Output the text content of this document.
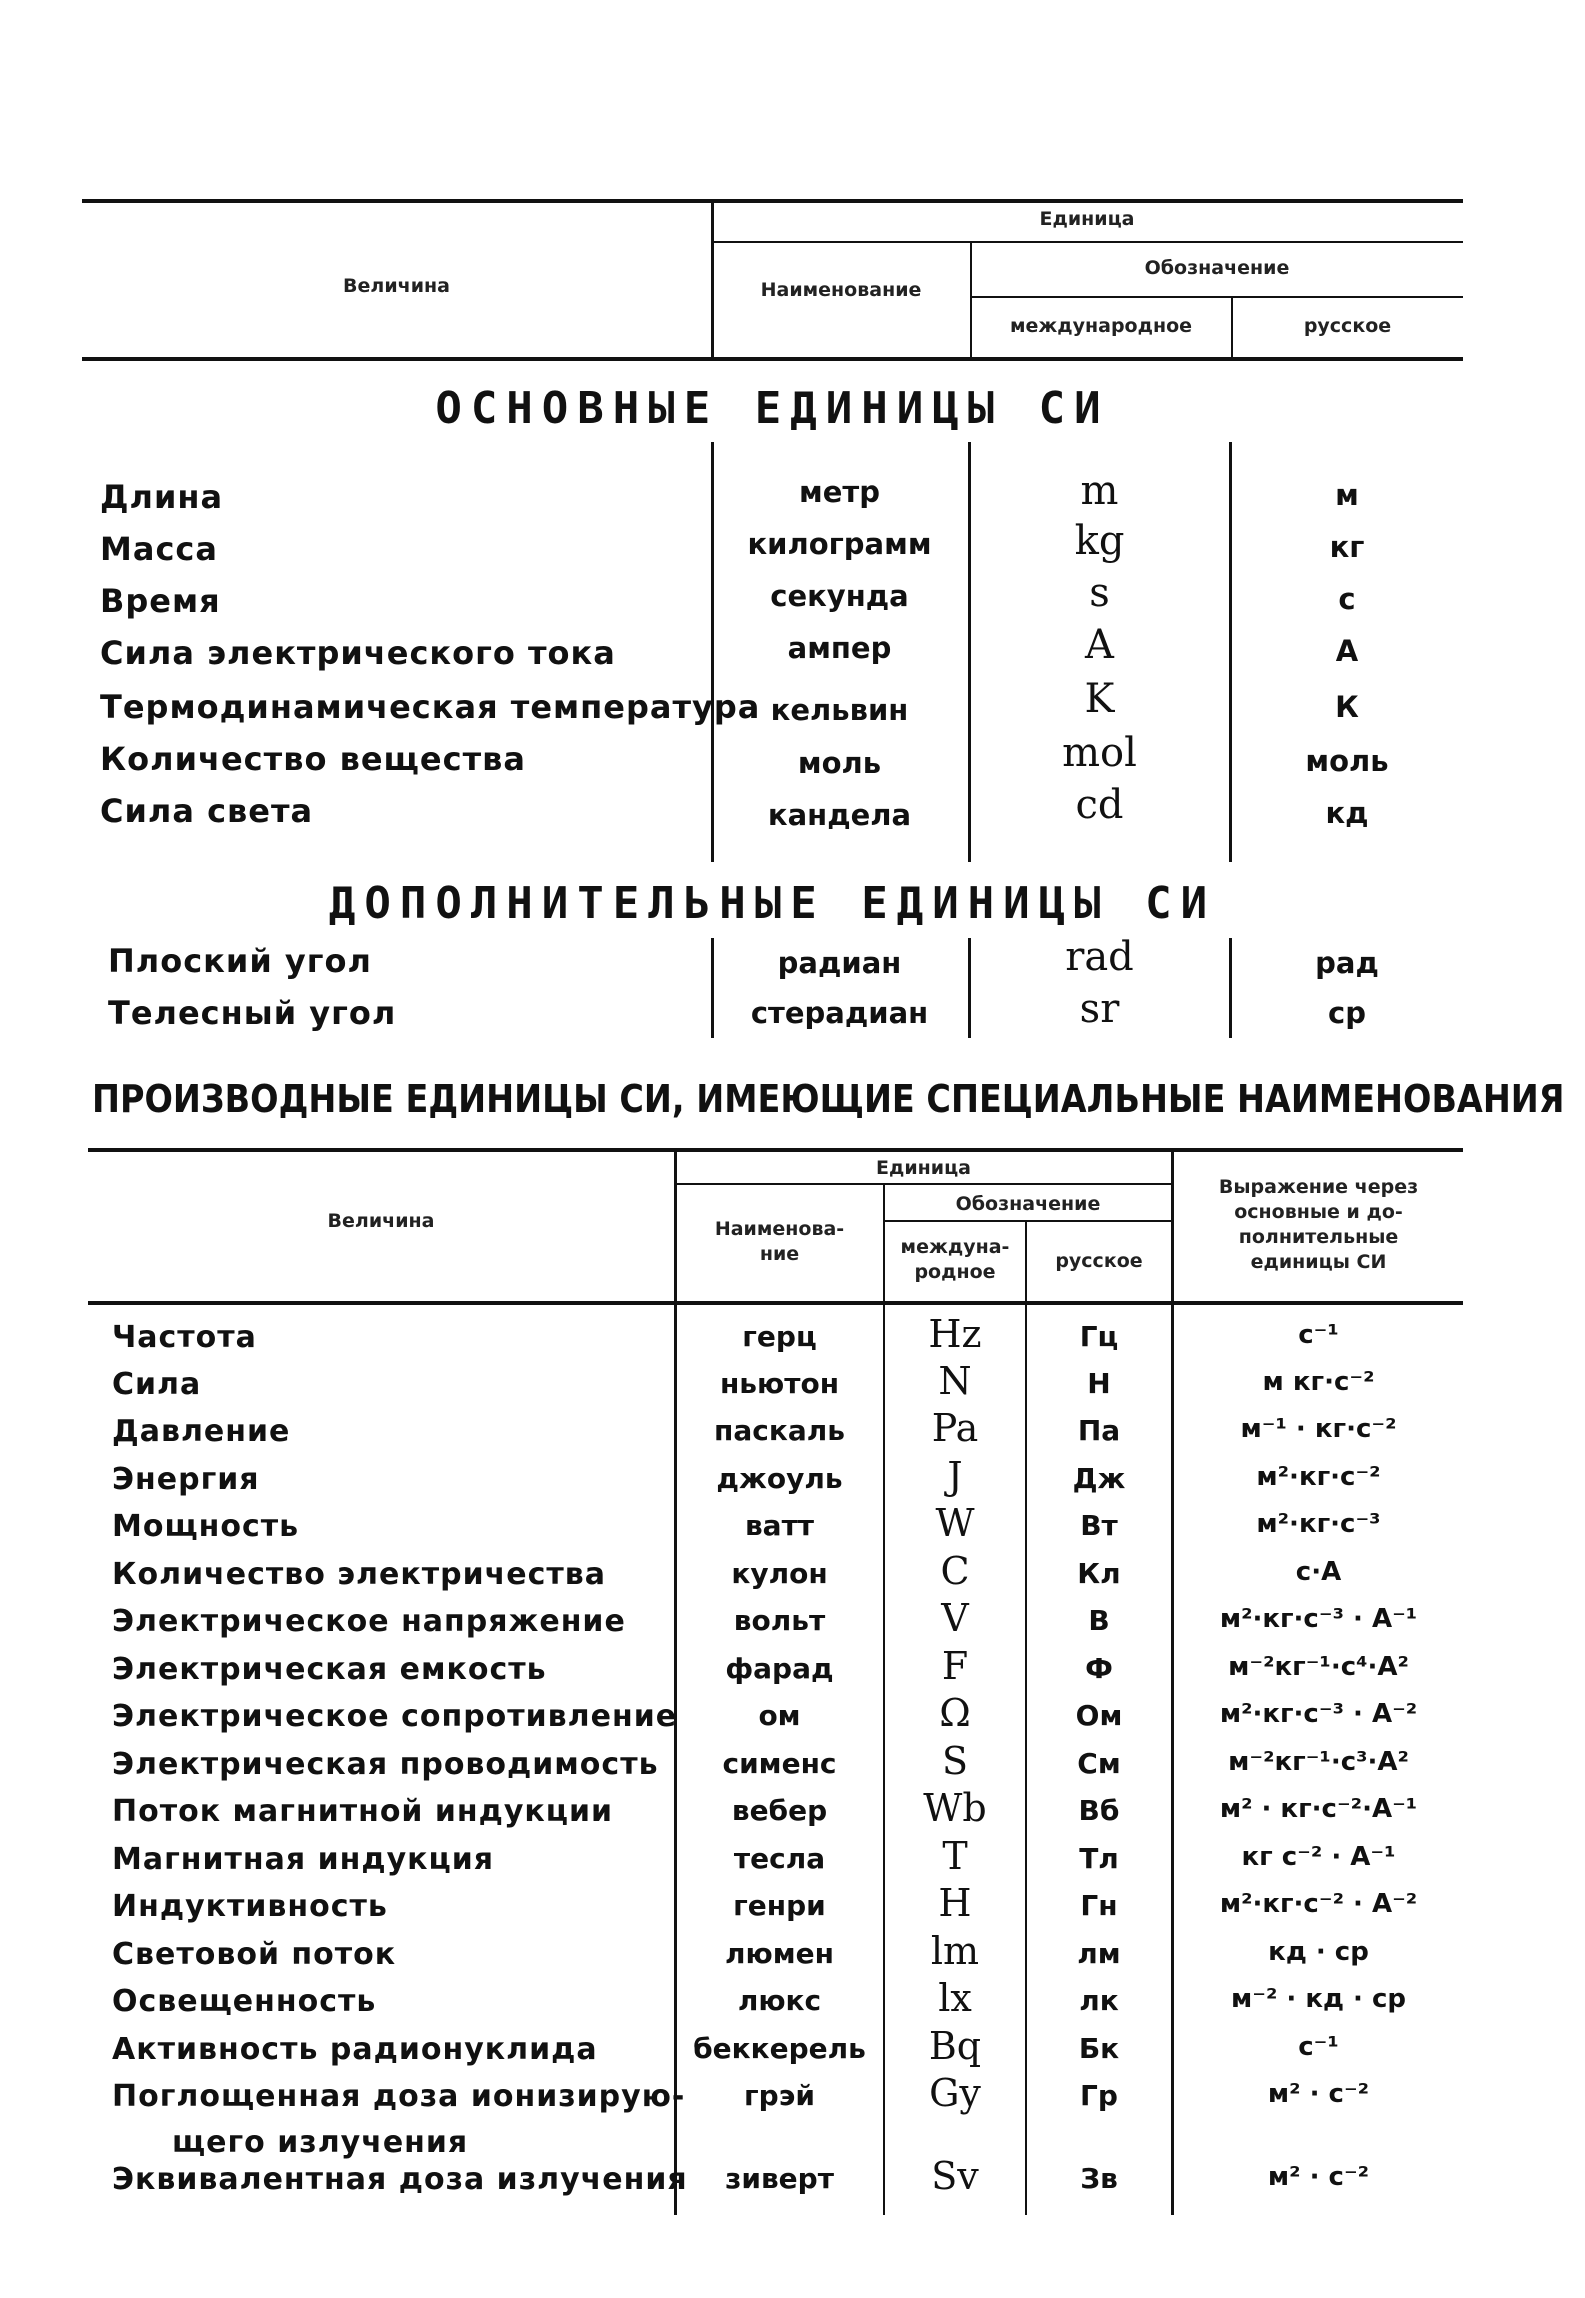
Величина
Единица
Наименование
Обозначение
международное	русское
ОСНОВНЫЕ ЕДИНИЦЫ СИ
Длина	метр	m	м
Масса	килограмм	kg	кг
Время	секунда	s	с
Сила электрического тока	ампер	A	А
Термодинамическая температура кельвин	K	К
Количество вещества	моль	mol	моль
Сила света	кандела	cd	кд
ДОПОЛНИТЕЛЬНЫЕ ЕДИНИЦЫ СИ
Плоский угол	радиан	rad	рад
Телесный угол	стерадиан	sr	ср
ПРОИЗВОДНЫЕ ЕДИНИЦЫ СИ, ИМЕЮЩИЕ СПЕЦИАЛЬНЫЕ НАИМЕНОВАНИЯ
Величина
Единица
Наименова-
ние
Обозначение
междуна-
родное	русское
Выражение через
основные и до-
полнительные
единицы СИ
Частота	герц	Hz	Гц	с⁻¹
Сила	ньютон	N	Н	м кг·с⁻²
Давление	паскаль	Pa	Па	м⁻¹ · кг·с⁻²
Энергия	джоуль	J	Дж	м²·кг·с⁻²
Мощность	ватт	W	Вт	м²·кг·с⁻³
Количество электричества	кулон	C	Кл	с·А
Электрическое напряжение	вольт	V	В	м²·кг·с⁻³ · А⁻¹
Электрическая емкость	фарад	F	Ф	м⁻²кг⁻¹·с⁴·А²
Электрическое сопротивление	ом	Ω	Ом	м²·кг·с⁻³ · А⁻²
Электрическая проводимость	сименс	S	См	м⁻²кг⁻¹·с³·А²
Поток магнитной индукции	вебер	Wb	Вб	м² · кг·с⁻²·А⁻¹
Магнитная индукция	тесла	T	Тл	кг с⁻² · А⁻¹
Индуктивность	генри	H	Гн	м²·кг·с⁻² · А⁻²
Световой поток	люмен	lm	лм	кд · ср
Освещенность	люкс	lx	лк	м⁻² · кд · ср
Активность радионуклида	беккерель	Bq	Бк	с⁻¹
Поглощенная доза ионизирую-
щего излучения
грэй	Gy	Гр	м² · с⁻²
Эквивалентная доза излучения	зиверт	Sv	Зв	м² · с⁻²
